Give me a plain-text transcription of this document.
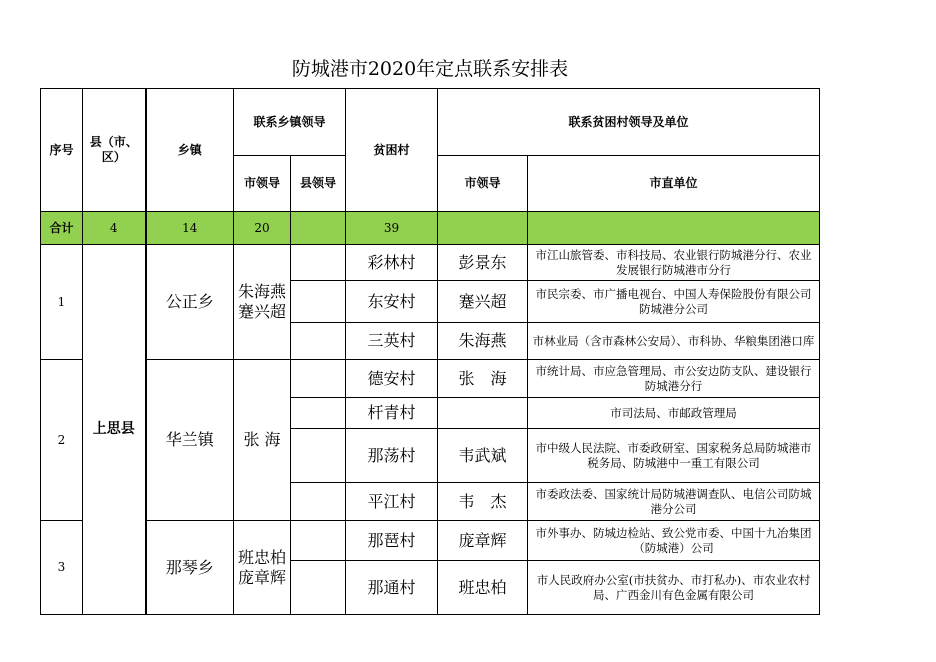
防城港市2020年定点联系安排表
序号	县（市、区）	乡镇	联系乡镇领导		贫困村	联系贫困村领导及单位	
			市领导	县领导		市领导	市直单位
合计	4	14	20		39		
1	上思县	公正乡	朱海燕 蹇兴超		彩林村	彭景东	市江山旅管委、市科技局、农业银行防城港分行、农业发展银行防城港市分行
					东安村	蹇兴超	市民宗委、市广播电视台、中国人寿保险股份有限公司防城港分公司
					三英村	朱海燕	市林业局（含市森林公安局）、市科协、华粮集团港口库
2		华兰镇	张 海		德安村	张　海	市统计局、市应急管理局、市公安边防支队、建设银行防城港分行
					杆青村		市司法局、市邮政管理局
					那荡村	韦武斌	市中级人民法院、市委政研室、国家税务总局防城港市税务局、防城港中一重工有限公司
					平江村	韦　杰	市委政法委、国家统计局防城港调查队、电信公司防城港分公司
3		那琴乡	班忠柏庞章辉		那琶村	庞章辉	市外事办、防城边检站、致公党市委、中国十九冶集团（防城港）公司
					那通村	班忠柏	市人民政府办公室(市扶贫办、市打私办)、市农业农村局、广西金川有色金属有限公司
